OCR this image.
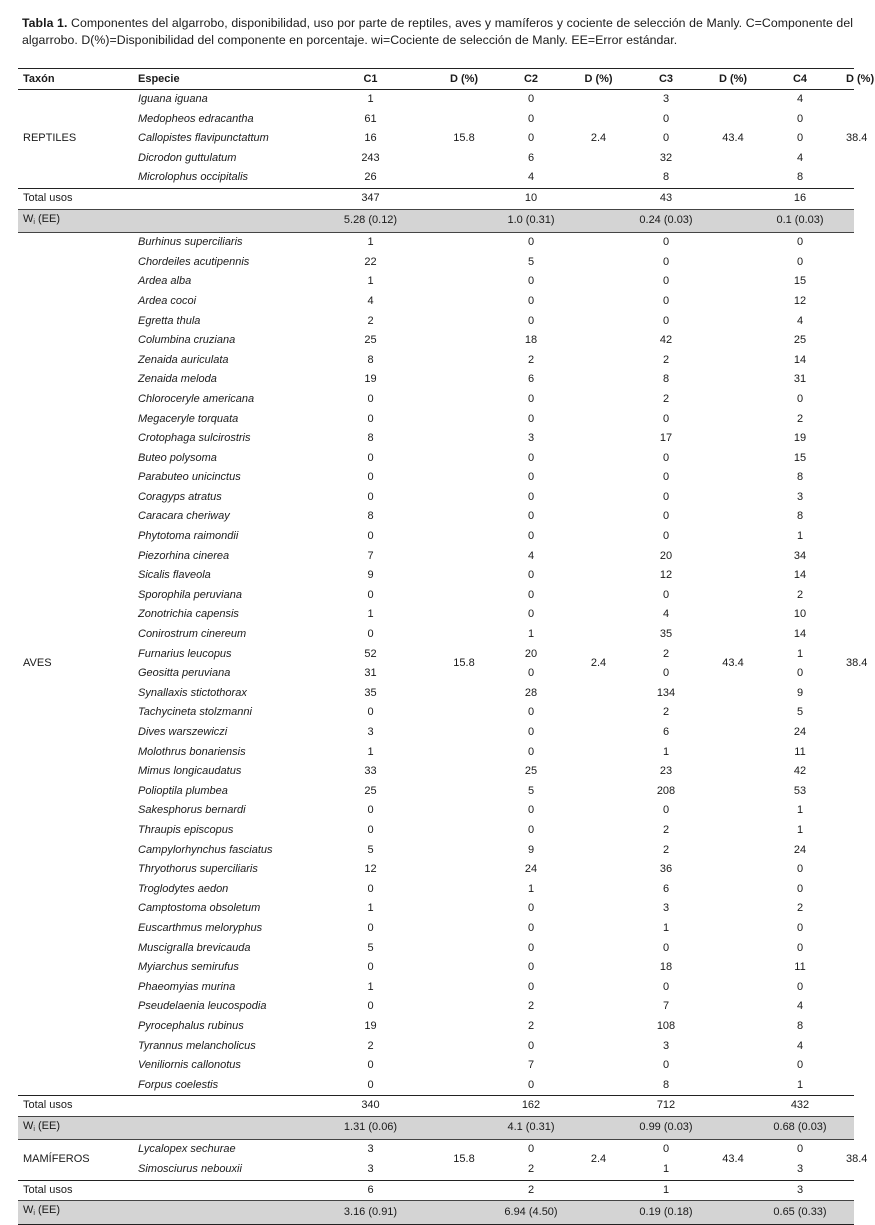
Tabla 1. Componentes del algarrobo, disponibilidad, uso por parte de reptiles, aves y mamíferos y cociente de selección de Manly. C=Componente del algarrobo. D(%)=Disponibilidad del componente en porcentaje. wi=Cociente de selección de Manly. EE=Error estándar.
Taxón	Especie	C1	D (%)	C2	D (%)	C3	D (%)	C4	D (%)
REPTILES	Iguana iguana	1	15.8	0	2.4	3	43.4	4	38.4
	Medopheos edracantha	61		0		0		0	
	Callopistes flavipunctattum	16		0		0		0	
	Dicrodon guttulatum	243		6		32		4	
	Microlophus occipitalis	26		4		8		8	
Total usos		347		10		43		16	
Wi (EE)		5.28 (0.12)		1.0 (0.31)		0.24 (0.03)		0.1 (0.03)	
AVES	Burhinus superciliaris	1	15.8	0	2.4	0	43.4	0	38.4
	Chordeiles acutipennis	22		5		0		0	
	Ardea alba	1		0		0		15	
	Ardea cocoi	4		0		0		12	
	Egretta thula	2		0		0		4	
	Columbina cruziana	25		18		42		25	
	Zenaida auriculata	8		2		2		14	
	Zenaida meloda	19		6		8		31	
	Chloroceryle americana	0		0		2		0	
	Megaceryle torquata	0		0		0		2	
	Crotophaga sulcirostris	8		3		17		19	
	Buteo polysoma	0		0		0		15	
	Parabuteo unicinctus	0		0		0		8	
	Coragyps atratus	0		0		0		3	
	Caracara cheriway	8		0		0		8	
	Phytotoma raimondii	0		0		0		1	
	Piezorhina cinerea	7		4		20		34	
	Sicalis flaveola	9		0		12		14	
	Sporophila peruviana	0		0		0		2	
	Zonotrichia capensis	1		0		4		10	
	Conirostrum cinereum	0		1		35		14	
	Furnarius leucopus	52		20		2		1	
	Geositta peruviana	31		0		0		0	
	Synallaxis stictothorax	35		28		134		9	
	Tachycineta stolzmanni	0		0		2		5	
	Dives warszewiczi	3		0		6		24	
	Molothrus bonariensis	1		0		1		11	
	Mimus longicaudatus	33		25		23		42	
	Polioptila plumbea	25		5		208		53	
	Sakesphorus bernardi	0		0		0		1	
	Thraupis episcopus	0		0		2		1	
	Campylorhynchus fasciatus	5		9		2		24	
	Thryothorus superciliaris	12		24		36		0	
	Troglodytes aedon	0		1		6		0	
	Camptostoma obsoletum	1		0		3		2	
	Euscarthmus meloryphus	0		0		1		0	
	Muscigralla brevicauda	5		0		0		0	
	Myiarchus semirufus	0		0		18		11	
	Phaeomyias murina	1		0		0		0	
	Pseudelaenia leucospodia	0		2		7		4	
	Pyrocephalus rubinus	19		2		108		8	
	Tyrannus melancholicus	2		0		3		4	
	Veniliornis callonotus	0		7		0		0	
	Forpus coelestis	0		0		8		1	
Total usos		340		162		712		432	
Wi (EE)		1.31 (0.06)		4.1 (0.31)		0.99 (0.03)		0.68 (0.03)	
MAMÍFEROS	Lycalopex sechurae	3	15.8	0	2.4	0	43.4	0	38.4
	Simosciurus nebouxii	3		2		1		3	
Total usos		6		2		1		3	
Wi (EE)		3.16 (0.91)		6.94 (4.50)		0.19 (0.18)		0.65 (0.33)	
